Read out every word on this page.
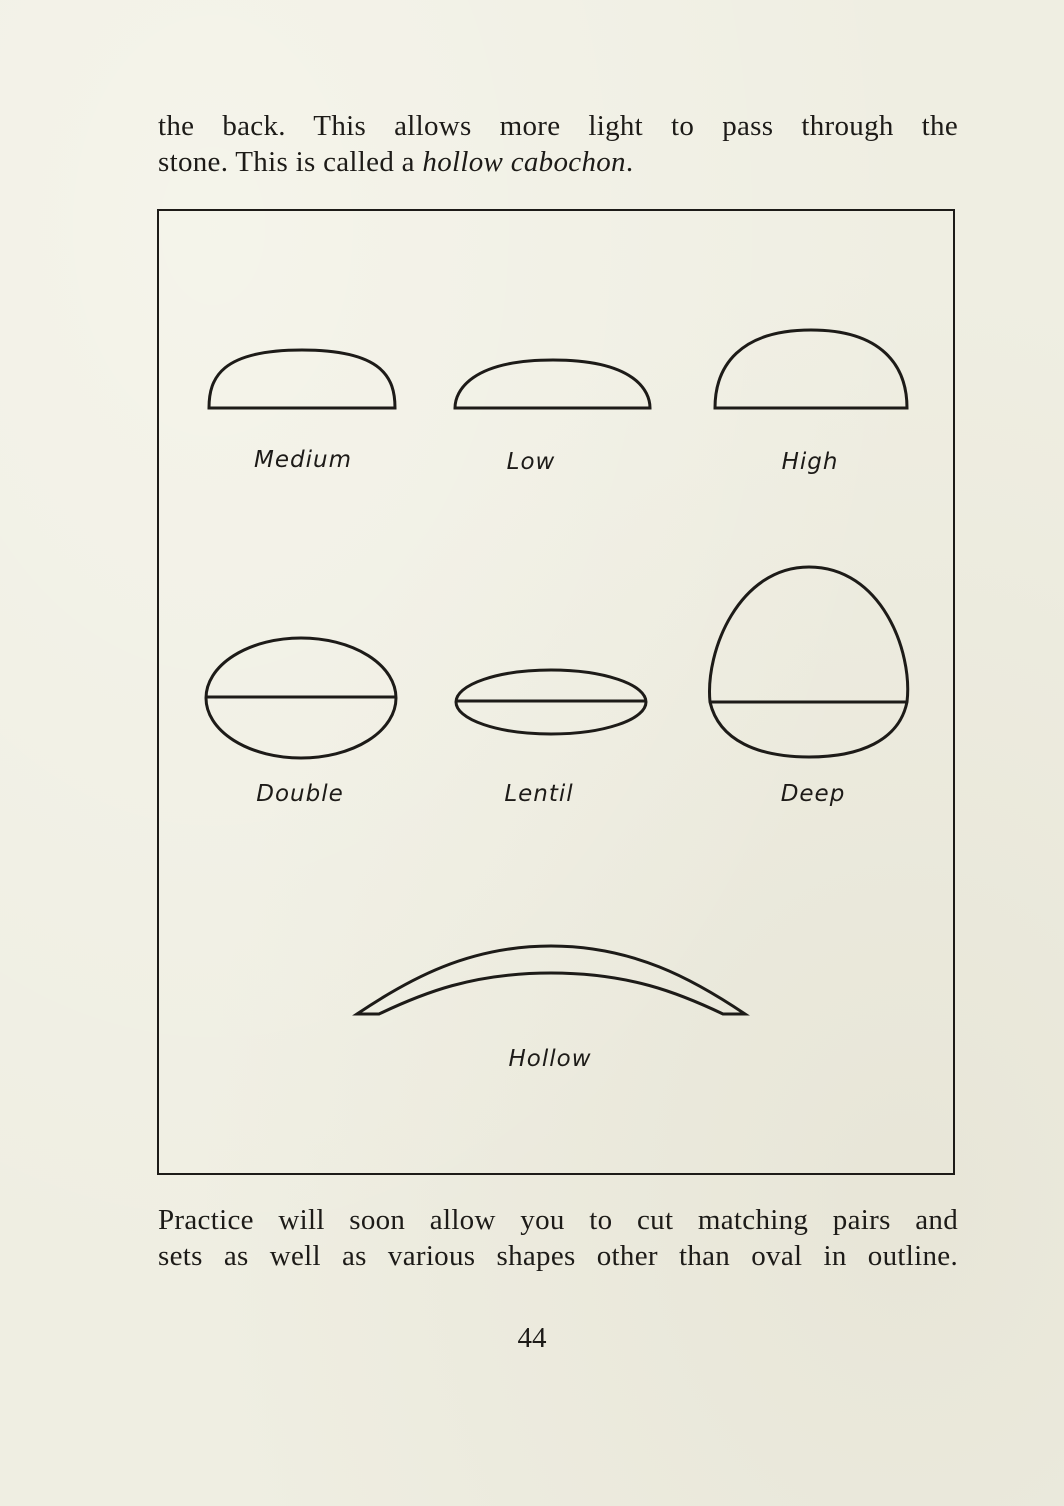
the back. This allows more light to pass through the
stone. This is called a hollow cabochon.

Medium	Low	High
Double	Lentil	Deep
Hollow

Practice will soon allow you to cut matching pairs and
sets as well as various shapes other than oval in outline.

44
